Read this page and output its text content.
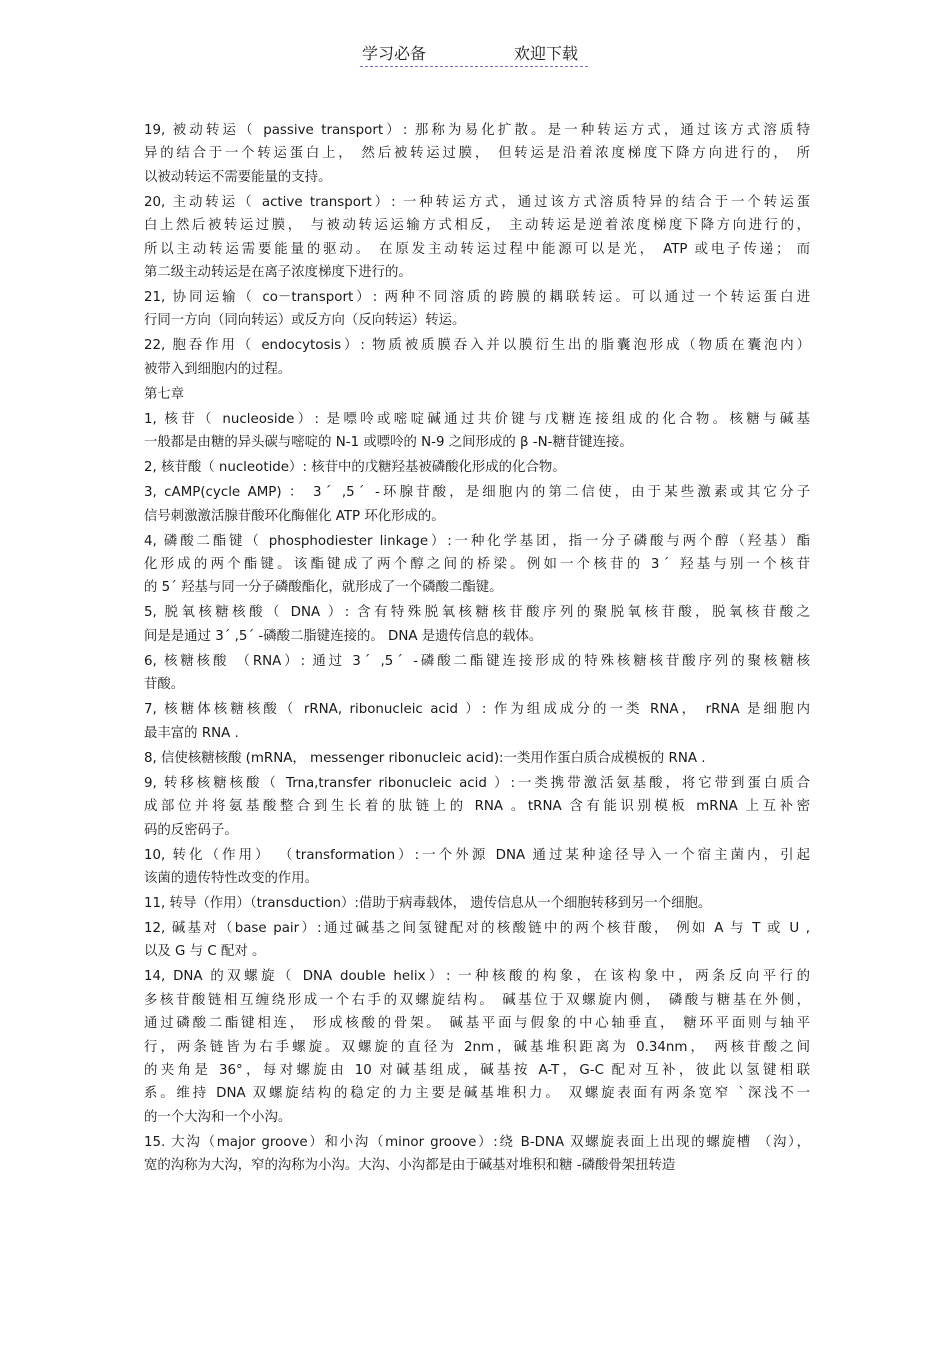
学习必备	欢迎下载
19, 被动转运（ passive transport）: 那称为易化扩散。是一种转运方式，通过该方式溶质特
异的结合于一个转运蛋白上， 然后被转运过膜， 但转运是沿着浓度梯度下降方向进行的， 所
以被动转运不需要能量的支持。
20, 主动转运（ active transport）: 一种转运方式，通过该方式溶质特异的结合于一个转运蛋
白上然后被转运过膜， 与被动转运运输方式相反， 主动转运是逆着浓度梯度下降方向进行的，
所以主动转运需要能量的驱动。 在原发主动转运过程中能源可以是光， ATP 或电子传递； 而
第二级主动转运是在离子浓度梯度下进行的。
21, 协同运输（ co－transport）: 两种不同溶质的跨膜的耦联转运。可以通过一个转运蛋白进
行同一方向（同向转运）或反方向（反向转运）转运。
22, 胞吞作用（ endocytosis）: 物质被质膜吞入并以膜衍生出的脂囊泡形成（物质在囊泡内）
被带入到细胞内的过程。
第七章
1, 核苷（ nucleoside）: 是嘌呤或嘧啶碱通过共价键与戊糖连接组成的化合物。核糖与碱基
一般都是由糖的异头碳与嘧啶的 N-1 或嘌呤的 N-9 之间形成的 β -N-糖苷键连接。
2, 核苷酸（ nucleotide）: 核苷中的戊糖羟基被磷酸化形成的化合物。
3, cAMP(cycle AMP) ： 3ˊ ,5ˊ -环腺苷酸，是细胞内的第二信使，由于某些激素或其它分子
信号刺激激活腺苷酸环化酶催化 ATP 环化形成的。
4, 磷酸二酯键（ phosphodiester linkage）:一种化学基团，指一分子磷酸与两个醇（羟基）酯
化形成的两个酯键。该酯键成了两个醇之间的桥梁。例如一个核苷的 3ˊ 羟基与别一个核苷
的 5ˊ 羟基与同一分子磷酸酯化，就形成了一个磷酸二酯键。
5, 脱氧核糖核酸（ DNA ）: 含有特殊脱氧核糖核苷酸序列的聚脱氧核苷酸，脱氧核苷酸之
间是是通过 3ˊ ,5ˊ -磷酸二脂键连接的。 DNA 是遗传信息的载体。
6, 核糖核酸 （RNA）: 通过 3ˊ ,5ˊ -磷酸二酯键连接形成的特殊核糖核苷酸序列的聚核糖核
苷酸。
7, 核糖体核糖核酸（ rRNA, ribonucleic acid ）: 作为组成成分的一类 RNA， rRNA 是细胞内
最丰富的 RNA .
8, 信使核糖核酸 (mRNA， messenger ribonucleic acid):一类用作蛋白质合成模板的 RNA .
9, 转移核糖核酸（ Trna,transfer ribonucleic acid ）:一类携带激活氨基酸，将它带到蛋白质合
成部位并将氨基酸整合到生长着的肽链上的 RNA 。tRNA 含有能识别模板 mRNA 上互补密
码的反密码子。
10, 转化（作用） （transformation）:一个外源 DNA 通过某种途径导入一个宿主菌内，引起
该菌的遗传特性改变的作用。
11, 转导（作用）（transduction）:借助于病毒载体， 遗传信息从一个细胞转移到另一个细胞。
12, 碱基对（base pair）:通过碱基之间氢键配对的核酸链中的两个核苷酸， 例如 A 与 T 或 U ,
以及 G 与 C 配对 。
14, DNA 的双螺旋（ DNA double helix）: 一种核酸的构象，在该构象中，两条反向平行的
多核苷酸链相互缠绕形成一个右手的双螺旋结构。 碱基位于双螺旋内侧， 磷酸与糖基在外侧，
通过磷酸二酯键相连， 形成核酸的骨架。 碱基平面与假象的中心轴垂直， 糖环平面则与轴平
行，两条链皆为右手螺旋。双螺旋的直径为 2nm，碱基堆积距离为 0.34nm， 两核苷酸之间
的夹角是 36°，每对螺旋由 10 对碱基组成，碱基按 A-T，G-C 配对互补，彼此以氢键相联
系。维持 DNA 双螺旋结构的稳定的力主要是碱基堆积力。 双螺旋表面有两条宽窄 `深浅不一
的一个大沟和一个小沟。
15. 大沟（major groove）和小沟（minor groove）:绕 B-DNA 双螺旋表面上出现的螺旋槽 （沟），
宽的沟称为大沟，窄的沟称为小沟。大沟、小沟都是由于碱基对堆积和糖 -磷酸骨架扭转造
